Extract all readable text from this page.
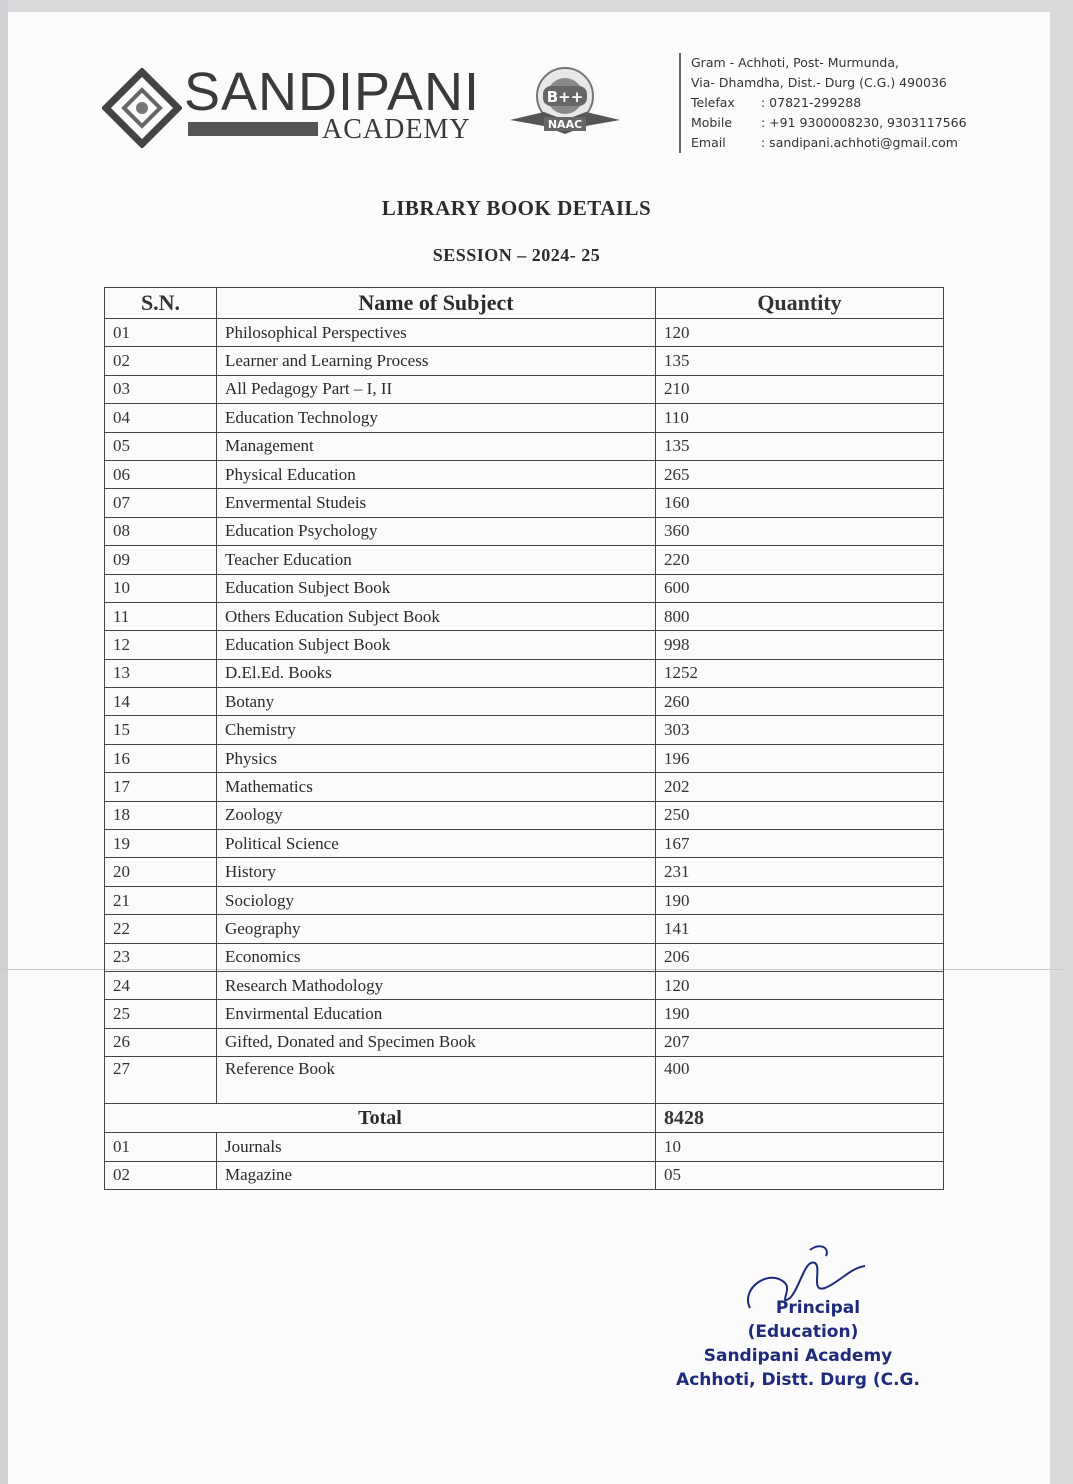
SANDIPANI
ACADEMY
B++
NAAC
Gram - Achhoti, Post- Murmunda,
Via- Dhamdha, Dist.- Durg (C.G.) 490036
Telefax : 07821-299288
Mobile : +91 9300008230, 9303117566
Email	: sandipani.achhoti@gmail.com
LIBRARY BOOK DETAILS
SESSION – 2024- 25
S.N.	Name of Subject	Quantity
01	Philosophical Perspectives	120
02	Learner and Learning Process	135
03	All Pedagogy Part – I, II	210
04	Education Technology	110
05	Management	135
06	Physical Education	265
07	Envermental Studeis	160
08	Education Psychology	360
09	Teacher Education	220
10	Education Subject Book	600
11	Others Education Subject Book	800
12	Education Subject Book	998
13	D.El.Ed. Books	1252
14	Botany	260
15	Chemistry	303
16	Physics	196
17	Mathematics	202
18	Zoology	250
19	Political Science	167
20	History	231
21	Sociology	190
22	Geography	141
23	Economics	206
24	Research Mathodology	120
25	Envirmental Education	190
26	Gifted, Donated and Specimen Book	207
27	Reference Book	400
Total		8428
01	Journals	10
02	Magazine	05
Principal
(Education)
Sandipani Academy
Achhoti, Distt. Durg (C.G.
